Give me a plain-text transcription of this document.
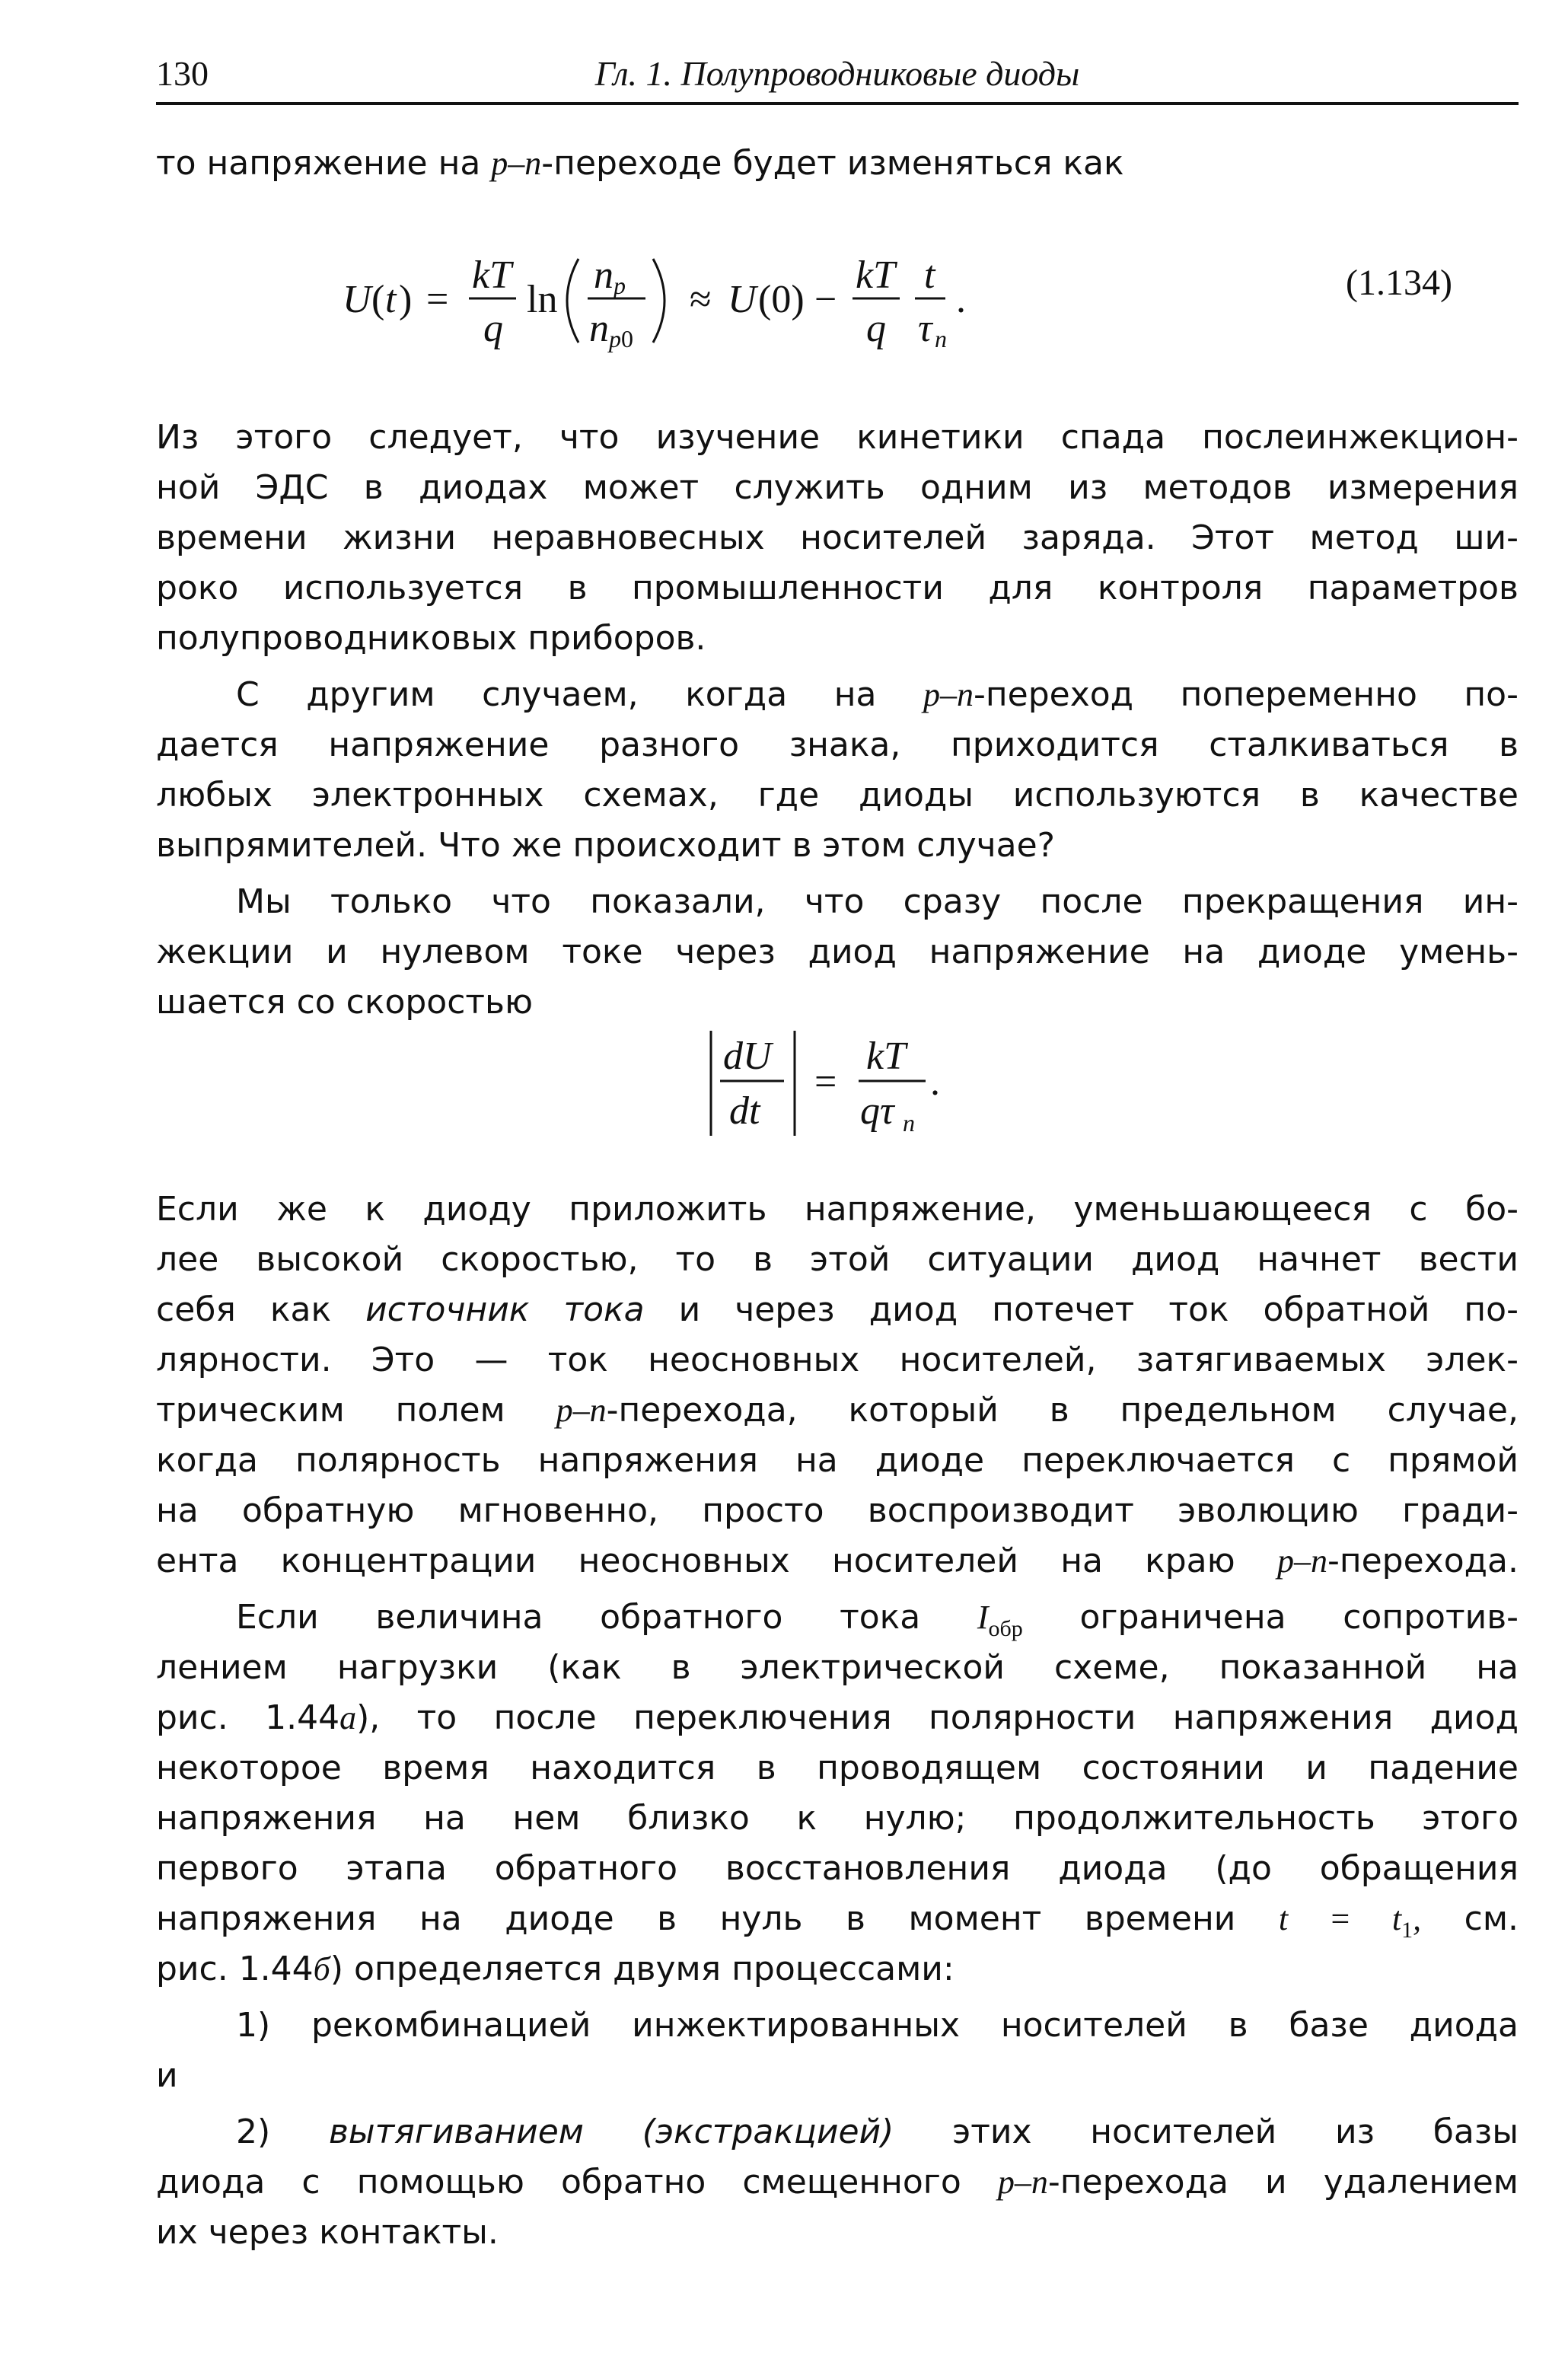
130	Гл. 1. Полупроводниковые диоды
то напряжение на p–n-переходе будет изменяться как
U ( t ) =
kT
q
ln
n p
n p0
≈ U (0) −
kT
q
t
τ n
.	(1.134)
Из этого следует, что изучение кинетики спада послеинжекцион-
ной ЭДС в диодах может служить одним из методов измерения
времени жизни неравновесных носителей заряда. Этот метод ши-
роко используется в промышленности для контроля параметров
полупроводниковых приборов.
С другим случаем, когда на p–n-переход попеременно по-
дается напряжение разного знака, приходится сталкиваться в
любых электронных схемах, где диоды используются в качестве
выпрямителей. Что же происходит в этом случае?
Мы только что показали, что сразу после прекращения ин-
жекции и нулевом токе через диод напряжение на диоде умень-
шается со скоростью
dU
dt
=
kT
qτ n
.
Если же к диоду приложить напряжение, уменьшающееся с бо-
лее высокой скоростью, то в этой ситуации диод начнет вести
себя как источник тока и через диод потечет ток обратной по-
лярности. Это — ток неосновных носителей, затягиваемых элек-
трическим полем p–n-перехода, который в предельном случае,
когда полярность напряжения на диоде переключается с прямой
на обратную мгновенно, просто воспроизводит эволюцию гради-
ента концентрации неосновных носителей на краю p–n-перехода.
Если величина обратного тока $I_{обр}$ ограничена сопротив-
лением нагрузки (как в электрической схеме, показанной на
рис. 1.44а), то после переключения полярности напряжения диод
некоторое время находится в проводящем состоянии и падение
напряжения на нем близко к нулю; продолжительность этого
первого этапа обратного восстановления диода (до обращения
напряжения на диоде в нуль в момент времени $t = t_1$, см.
рис. 1.44б) определяется двумя процессами:
1) рекомбинацией инжектированных носителей в базе диода
и
2) вытягиванием (экстракцией) этих носителей из базы
диода с помощью обратно смещенного p–n-перехода и удалением
их через контакты.
